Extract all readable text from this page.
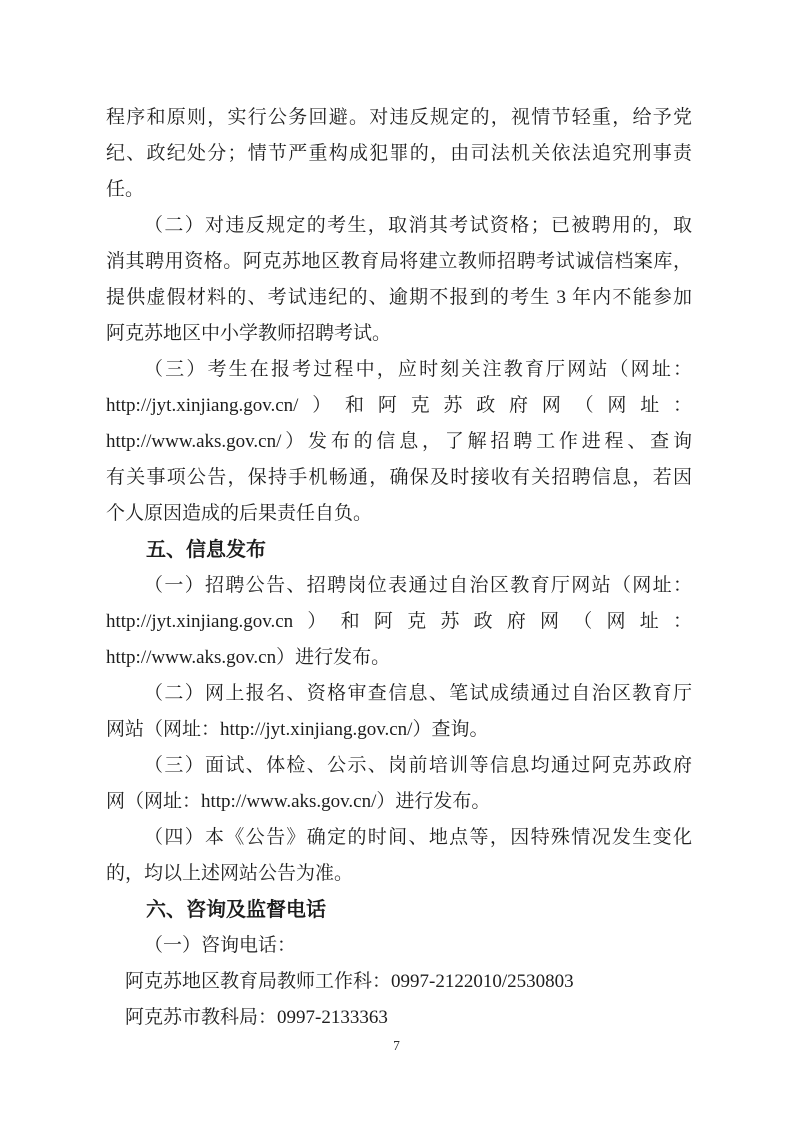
程序和原则，实行公务回避。对违反规定的，视情节轻重，给予党
纪、政纪处分；情节严重构成犯罪的，由司法机关依法追究刑事责
任。
（二）对违反规定的考生，取消其考试资格；已被聘用的，取
消其聘用资格。阿克苏地区教育局将建立教师招聘考试诚信档案库，
提供虚假材料的、考试违纪的、逾期不报到的考生 3 年内不能参加
阿克苏地区中小学教师招聘考试。
（三）考生在报考过程中，应时刻关注教育厅网站（网址：
http://jyt.xinjiang.gov.cn/）和阿克苏政府网（网址：
http://www.aks.gov.cn/）发布的信息，了解招聘工作进程、查询
有关事项公告，保持手机畅通，确保及时接收有关招聘信息，若因
个人原因造成的后果责任自负。
五、信息发布
（一）招聘公告、招聘岗位表通过自治区教育厅网站（网址：
http://jyt.xinjiang.gov.cn）和阿克苏政府网（网址：
http://www.aks.gov.cn）进行发布。
（二）网上报名、资格审查信息、笔试成绩通过自治区教育厅
网站（网址：http://jyt.xinjiang.gov.cn/）查询。
（三）面试、体检、公示、岗前培训等信息均通过阿克苏政府
网（网址：http://www.aks.gov.cn/）进行发布。
（四）本《公告》确定的时间、地点等，因特殊情况发生变化
的，均以上述网站公告为准。
六、咨询及监督电话
（一）咨询电话：
阿克苏地区教育局教师工作科：0997-2122010/2530803
阿克苏市教科局：0997-2133363
7
